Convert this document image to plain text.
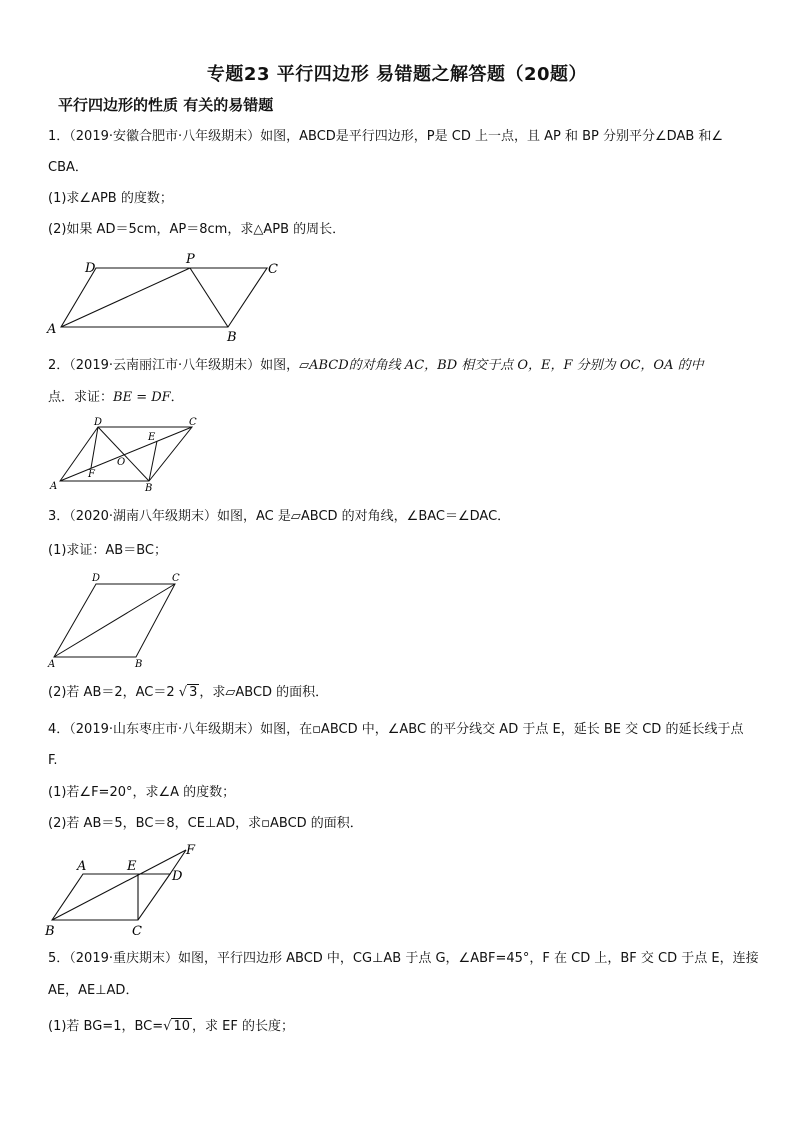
专题23 平行四边形 易错题之解答题（20题）
平行四边形的性质 有关的易错题
1．（2019·安徽合肥市·八年级期末）如图，ABCD是平行四边形，P是 CD 上一点，且 AP 和 BP 分别平分∠DAB 和∠
CBA．
(1)求∠APB 的度数；
(2)如果 AD＝5cm，AP＝8cm，求△APB 的周长．
D
P
C
A
B
2．（2019·云南丽江市·八年级期末）如图，▱ABCD的对角线 AC，BD 相交于点 O，E，F 分别为 OC，OA 的中
点．求证：BE = DF．
D	C
E
O
F
A	B
3．（2020·湖南八年级期末）如图，AC 是▱ABCD 的对角线，∠BAC＝∠DAC．
(1)求证：AB＝BC；
D	C
A	B
(2)若 AB＝2，AC＝2 √ 3 ，求▱ABCD 的面积．
4．（2019·山东枣庄市·八年级期末）如图，在▫ABCD 中，∠ABC 的平分线交 AD 于点 E，延长 BE 交 CD 的延长线于点
F.
(1)若∠F=20°，求∠A 的度数；
(2)若 AB＝5，BC＝8，CE⊥AD，求▫ABCD 的面积．
A	E
F
D
B	C
5．（2019·重庆期末）如图，平行四边形 ABCD 中，CG⊥AB 于点 G，∠ABF=45°，F 在 CD 上，BF 交 CD 于点 E，连接
AE，AE⊥AD．
(1)若 BG=1，BC=√ 10 ，求 EF 的长度；
